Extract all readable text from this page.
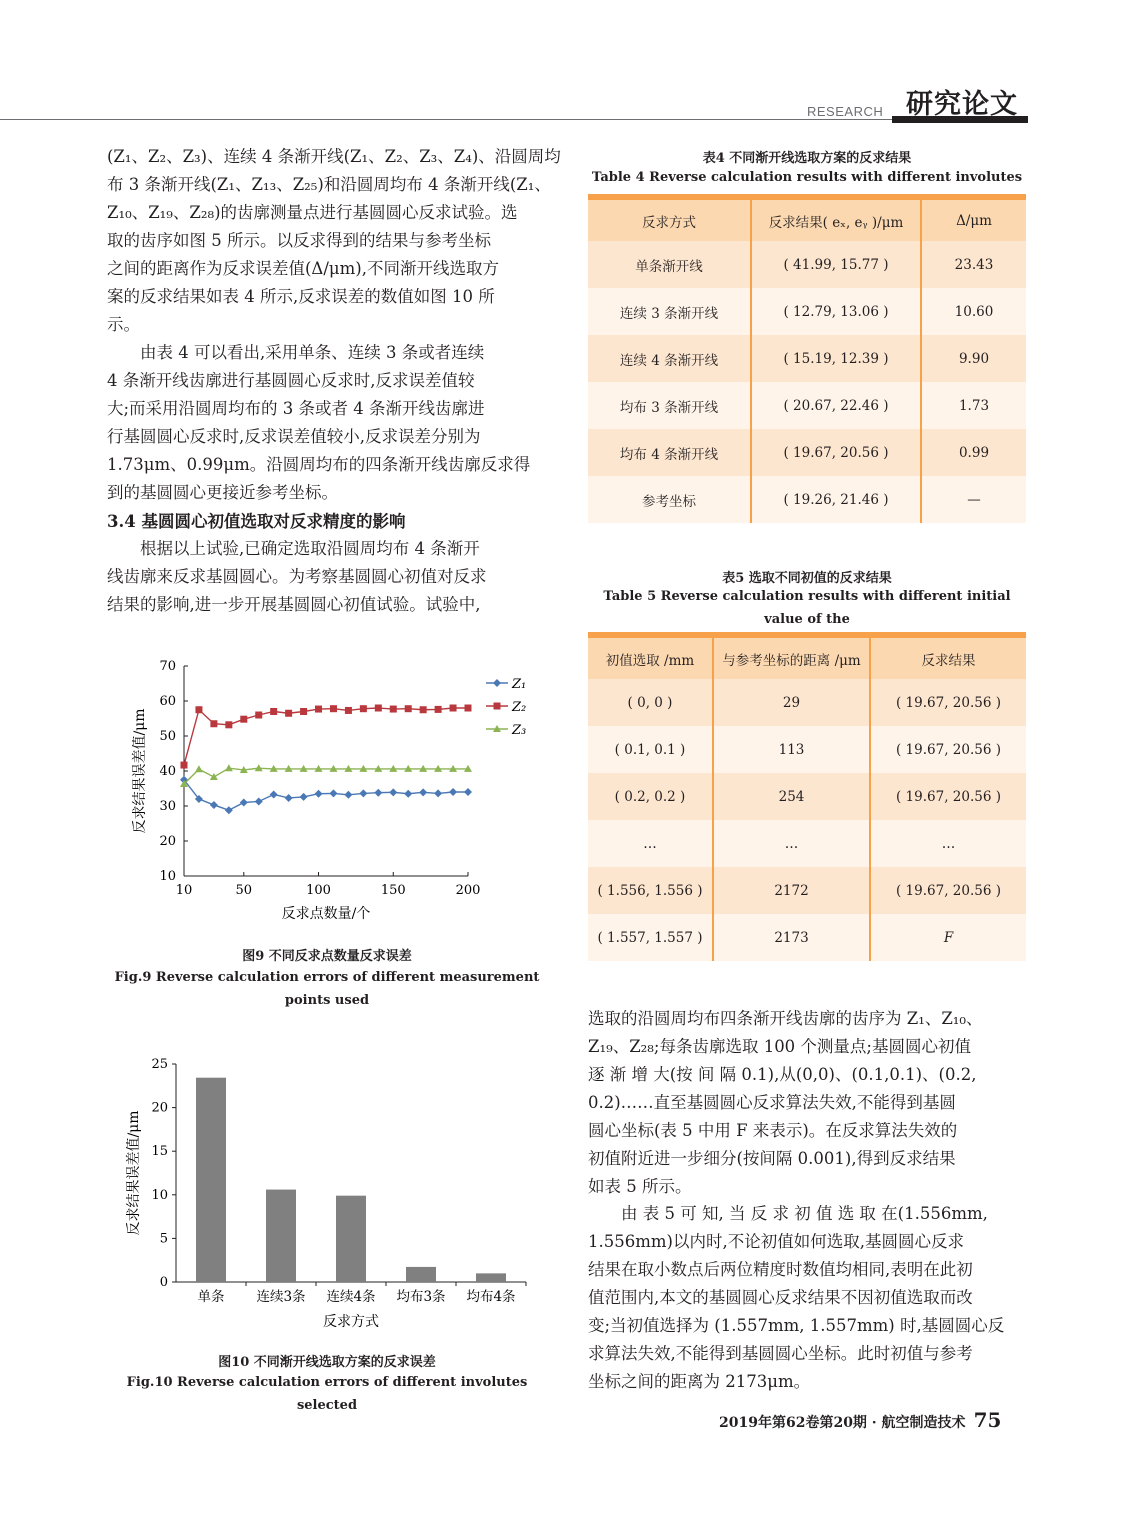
RESEARCH 研究论文
(Z₁、Z₂、Z₃)、连续 4 条渐开线(Z₁、Z₂、Z₃、Z₄)、沿圆周均
布 3 条渐开线(Z₁、Z₁₃、Z₂₅)和沿圆周均布 4 条渐开线(Z₁、
Z₁₀、Z₁₉、Z₂₈)的齿廓测量点进行基圆圆心反求试验。选
取的齿序如图 5 所示。以反求得到的结果与参考坐标
之间的距离作为反求误差值(Δ/μm),不同渐开线选取方
案的反求结果如表 4 所示,反求误差的数值如图 10 所
示。
由表 4 可以看出,采用单条、连续 3 条或者连续
4 条渐开线齿廓进行基圆圆心反求时,反求误差值较
大;而采用沿圆周均布的 3 条或者 4 条渐开线齿廓进
行基圆圆心反求时,反求误差值较小,反求误差分别为
1.73μm、0.99μm。沿圆周均布的四条渐开线齿廓反求得
到的基圆圆心更接近参考坐标。
3.4 基圆圆心初值选取对反求精度的影响
根据以上试验,已确定选取沿圆周均布 4 条渐开
线齿廓来反求基圆圆心。为考察基圆圆心初值对反求
结果的影响,进一步开展基圆圆心初值试验。试验中,
10
20
30
40
50
60
70
10	50	100	150	200
反求点数量/个
反求结果误差值/μm
Z₁
Z₂
Z₃
图9 不同反求点数量反求误差
Fig.9 Reverse calculation errors of different measurement
points used
0
5
10
15
20
25
单条 连续3条 连续4条 均布3条 均布4条
反求方式
反求结果误差值/μm
图10 不同渐开线选取方案的反求误差
Fig.10 Reverse calculation errors of different involutes selected
表4 不同渐开线选取方案的反求结果
Table 4 Reverse calculation results with different involutes

反求方式	反求结果( eₓ, eᵧ )/μm	Δ/μm
单条渐开线	( 41.99, 15.77 )	23.43
连续 3 条渐开线	( 12.79, 13.06 )	10.60
连续 4 条渐开线	( 15.19, 12.39 )	9.90
均布 3 条渐开线	( 20.67, 22.46 )	1.73
均布 4 条渐开线	( 19.67, 20.56 )	0.99
参考坐标	( 19.26, 21.46 )	—
表5 选取不同初值的反求结果
Table 5 Reverse calculation results with different initial value of the

初值选取 /mm	与参考坐标的距离 /μm	反求结果
( 0, 0 )	29	( 19.67, 20.56 )
( 0.1, 0.1 )	113	( 19.67, 20.56 )
( 0.2, 0.2 )	254	( 19.67, 20.56 )
…	…	…
( 1.556, 1.556 )	2172	( 19.67, 20.56 )
( 1.557, 1.557 )	2173	F
选取的沿圆周均布四条渐开线齿廓的齿序为 Z₁、Z₁₀、
Z₁₉、Z₂₈;每条齿廓选取 100 个测量点;基圆圆心初值
逐 渐 增 大(按 间 隔 0.1),从(0,0)、(0.1,0.1)、(0.2,
0.2)……直至基圆圆心反求算法失效,不能得到基圆
圆心坐标(表 5 中用 F 来表示)。在反求算法失效的
初值附近进一步细分(按间隔 0.001),得到反求结果
如表 5 所示。
由 表 5 可 知, 当 反 求 初 值 选 取 在(1.556mm,
1.556mm)以内时,不论初值如何选取,基圆圆心反求
结果在取小数点后两位精度时数值均相同,表明在此初
值范围内,本文的基圆圆心反求结果不因初值选取而改
变;当初值选择为 (1.557mm, 1.557mm) 时,基圆圆心反
求算法失效,不能得到基圆圆心坐标。此时初值与参考
坐标之间的距离为 2173μm。
2019年第62卷第20期 · 航空制造技术 75
